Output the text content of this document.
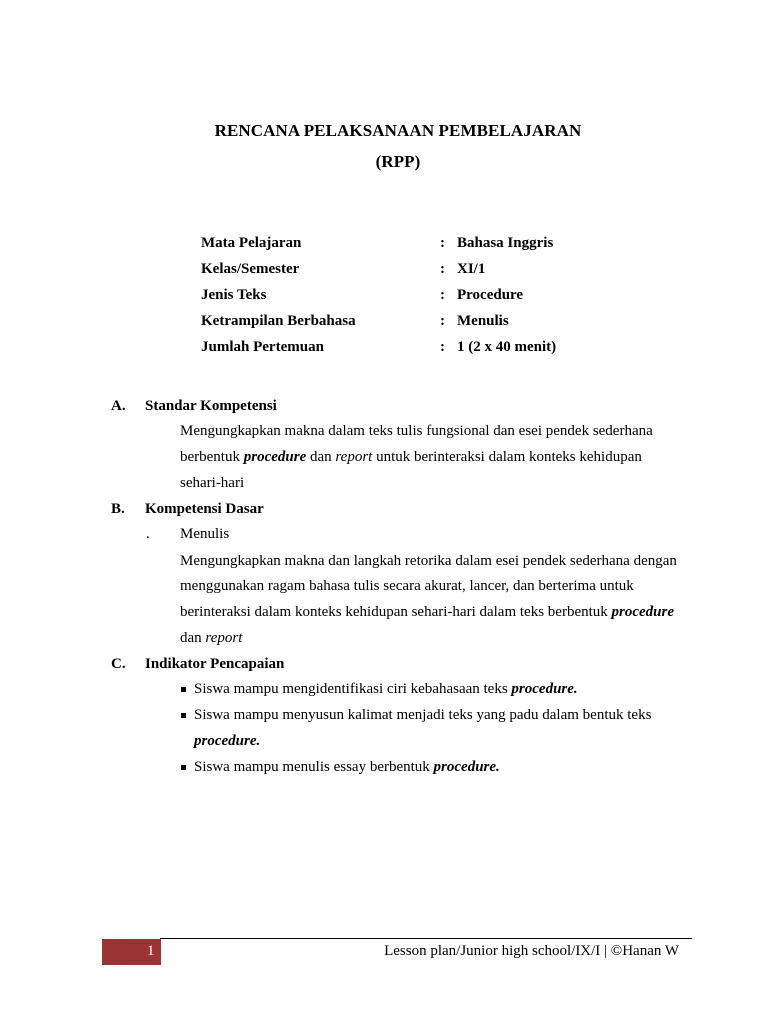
RENCANA PELAKSANAAN PEMBELAJARAN
(RPP)
Mata Pelajaran	: Bahasa Inggris
Kelas/Semester	: XI/1
Jenis Teks	: Procedure
Ketrampilan Berbahasa	: Menulis
Jumlah Pertemuan	: 1 (2 x 40 menit)
A. Standar Kompetensi
Mengungkapkan makna dalam teks tulis fungsional dan esei pendek sederhana
berbentuk procedure dan report untuk berinteraksi dalam konteks kehidupan
sehari-hari
B. Kompetensi Dasar
. Menulis
Mengungkapkan makna dan langkah retorika dalam esei pendek sederhana dengan
menggunakan ragam bahasa tulis secara akurat, lancer, dan berterima untuk
berinteraksi dalam konteks kehidupan sehari-hari dalam teks berbentuk procedure
dan report
C. Indikator Pencapaian
Siswa mampu mengidentifikasi ciri kebahasaan teks procedure.
Siswa mampu menyusun kalimat menjadi teks yang padu dalam bentuk teks
procedure.
Siswa mampu menulis essay berbentuk procedure.
1	Lesson plan/Junior high school/IX/I | ©Hanan W
